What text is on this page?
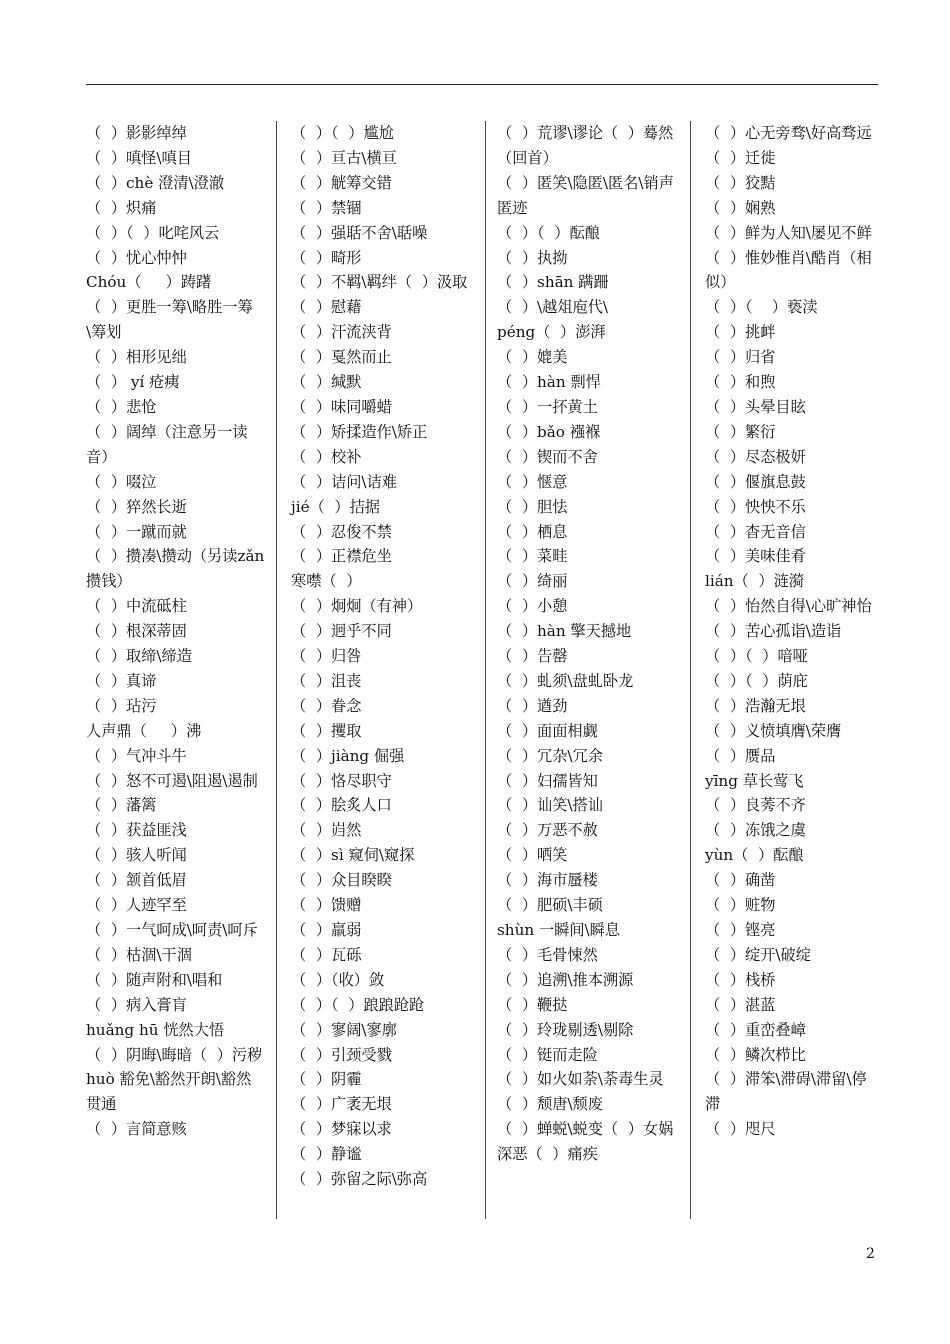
（  ）影影绰绰
（  ）嗔怪\嗔目
（  ）chè 澄清\澄澈
（  ）炽痛
（  ）（  ）叱咤风云
（  ）忧心忡忡
Chóu（     ）踌躇
（  ）更胜一筹\略胜一筹\筹划
（  ）相形见绌
（  ） yí 疮痍
（  ）悲怆
（  ）阔绰（注意另一读音）
（  ）啜泣
（  ）猝然长逝
（  ）一蹴而就
（  ）攒凑\攒动（另读zǎn 攒钱）
（  ）中流砥柱
（  ）根深蒂固
（  ）取缔\缔造
（  ）真谛
（  ）玷污
人声鼎（     ）沸
（  ）气冲斗牛
（  ）怒不可遏\阻遏\遏制
（  ）藩篱
（  ）获益匪浅
（  ）骇人听闻
（  ）颔首低眉
（  ）人迹罕至
（  ）一气呵成\呵责\呵斥
（  ）枯涸\干涸
（  ）随声附和\唱和
（  ）病入膏肓
huǎng hū 恍然大悟
（  ）阴晦\晦暗（  ）污秽
huò 豁免\豁然开朗\豁然贯通
（  ）言简意赅
（  ）（  ）尴尬
（  ）亘古\横亘
（  ）觥筹交错
（  ）禁锢
（  ）强聒不舍\聒噪
（  ）畸形
（  ）不羁\羁绊（  ）汲取
（  ）慰藉
（  ）汗流浃背
（  ）戛然而止
（  ）缄默
（  ）味同嚼蜡
（  ）矫揉造作\矫正
（  ）校补
（  ）诘问\诘难
jié（  ）拮据
（  ）忍俊不禁
（  ）正襟危坐
寒噤（  ）
（  ）炯炯（有神）
（  ）迥乎不同
（  ）归咎
（  ）沮丧
（  ）眷念
（  ）攫取
（  ）jiàng 倔强
（  ）恪尽职守
（  ）脍炙人口
（  ）岿然
（  ）sì 窥伺\窥探
（  ）众目睽睽
（  ）馈赠
（  ）羸弱
（  ）瓦砾
（  ）（收）敛
（  ）（  ）踉踉跄跄
（  ）寥阔\寥廓
（  ）引颈受戮
（  ）阴霾
（  ）广袤无垠
（  ）梦寐以求
（  ）静谧
（  ）弥留之际\弥高
（  ）荒谬\谬论（  ）蓦然（回首）
（  ）匿笑\隐匿\匿名\销声匿迹
（  ）（  ）酝酿
（  ）执拗
（  ）shān 蹒跚
（  ）\越俎庖代\
péng（  ）澎湃
（  ）媲美
（  ）hàn 剽悍
（  ）一抔黄土
（  ）bǎo 襁褓
（  ）锲而不舍
（  ）惬意
（  ）胆怯
（  ）栖息
（  ）菜畦
（  ）绮丽
（  ）小憩
（  ）hàn 擎天撼地
（  ）告罄
（  ）虬须\盘虬卧龙
（  ）遒劲
（  ）面面相觑
（  ）冗杂\冗余
（  ）妇孺皆知
（  ）讪笑\搭讪
（  ）万恶不赦
（  ）哂笑
（  ）海市蜃楼
（  ）肥硕\丰硕
shùn 一瞬间\瞬息
（  ）毛骨悚然
（  ）追溯\推本溯源
（  ）鞭挞
（  ）玲珑剔透\剔除
（  ）铤而走险
（  ）如火如荼\荼毒生灵
（  ）颓唐\颓废
（  ）蝉蜕\蜕变（  ）女娲
深恶（  ）痛疾
（  ）心无旁骛\好高骛远
（  ）迁徙
（  ）狡黠
（  ）娴熟
（  ）鲜为人知\屡见不鲜
（  ）惟妙惟肖\酷肖（相似）
（  ）（    ）亵渎
（  ）挑衅
（  ）归省
（  ）和煦
（  ）头晕目眩
（  ）繁衍
（  ）尽态极妍
（  ）偃旗息鼓
（  ）怏怏不乐
（  ）杳无音信
（  ）美味佳肴
lián（  ）涟漪
（  ）怡然自得\心旷神怡
（  ）苦心孤诣\造诣
（  ）（  ）喑哑
（  ）（  ）荫庇
（  ）浩瀚无垠
（  ）义愤填膺\荣膺
（  ）赝品
yīng 草长莺飞
（  ）良莠不齐
（  ）冻饿之虞
yùn（  ）酝酿
（  ）确凿
（  ）赃物
（  ）铿亮
（  ）绽开\破绽
（  ）栈桥
（  ）湛蓝
（  ）重峦叠嶂
（  ）鳞次栉比
（  ）滞笨\滞碍\滞留\停滞
（  ）咫尺
2
